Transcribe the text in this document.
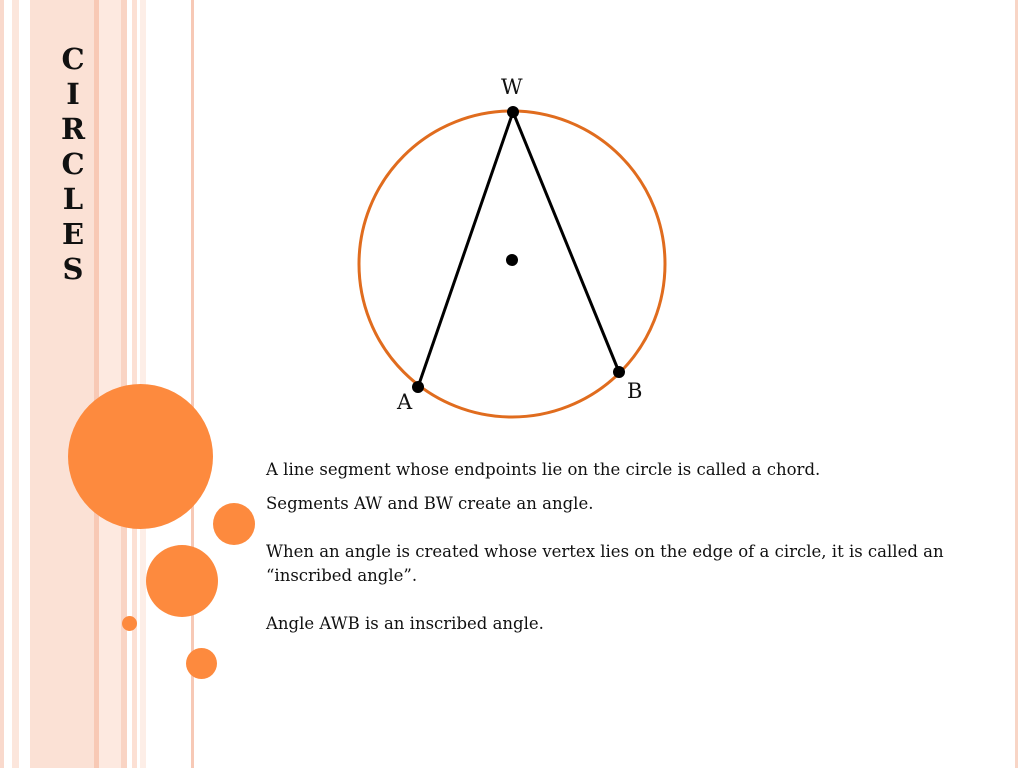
C
I
R
C
L
E
S
W
A	B

A line segment whose endpoints lie on the circle is called a chord.

Segments AW and BW create an angle.

When an angle is created whose vertex lies on the edge of a circle, it is called an “inscribed angle”.

Angle AWB is an inscribed angle.
